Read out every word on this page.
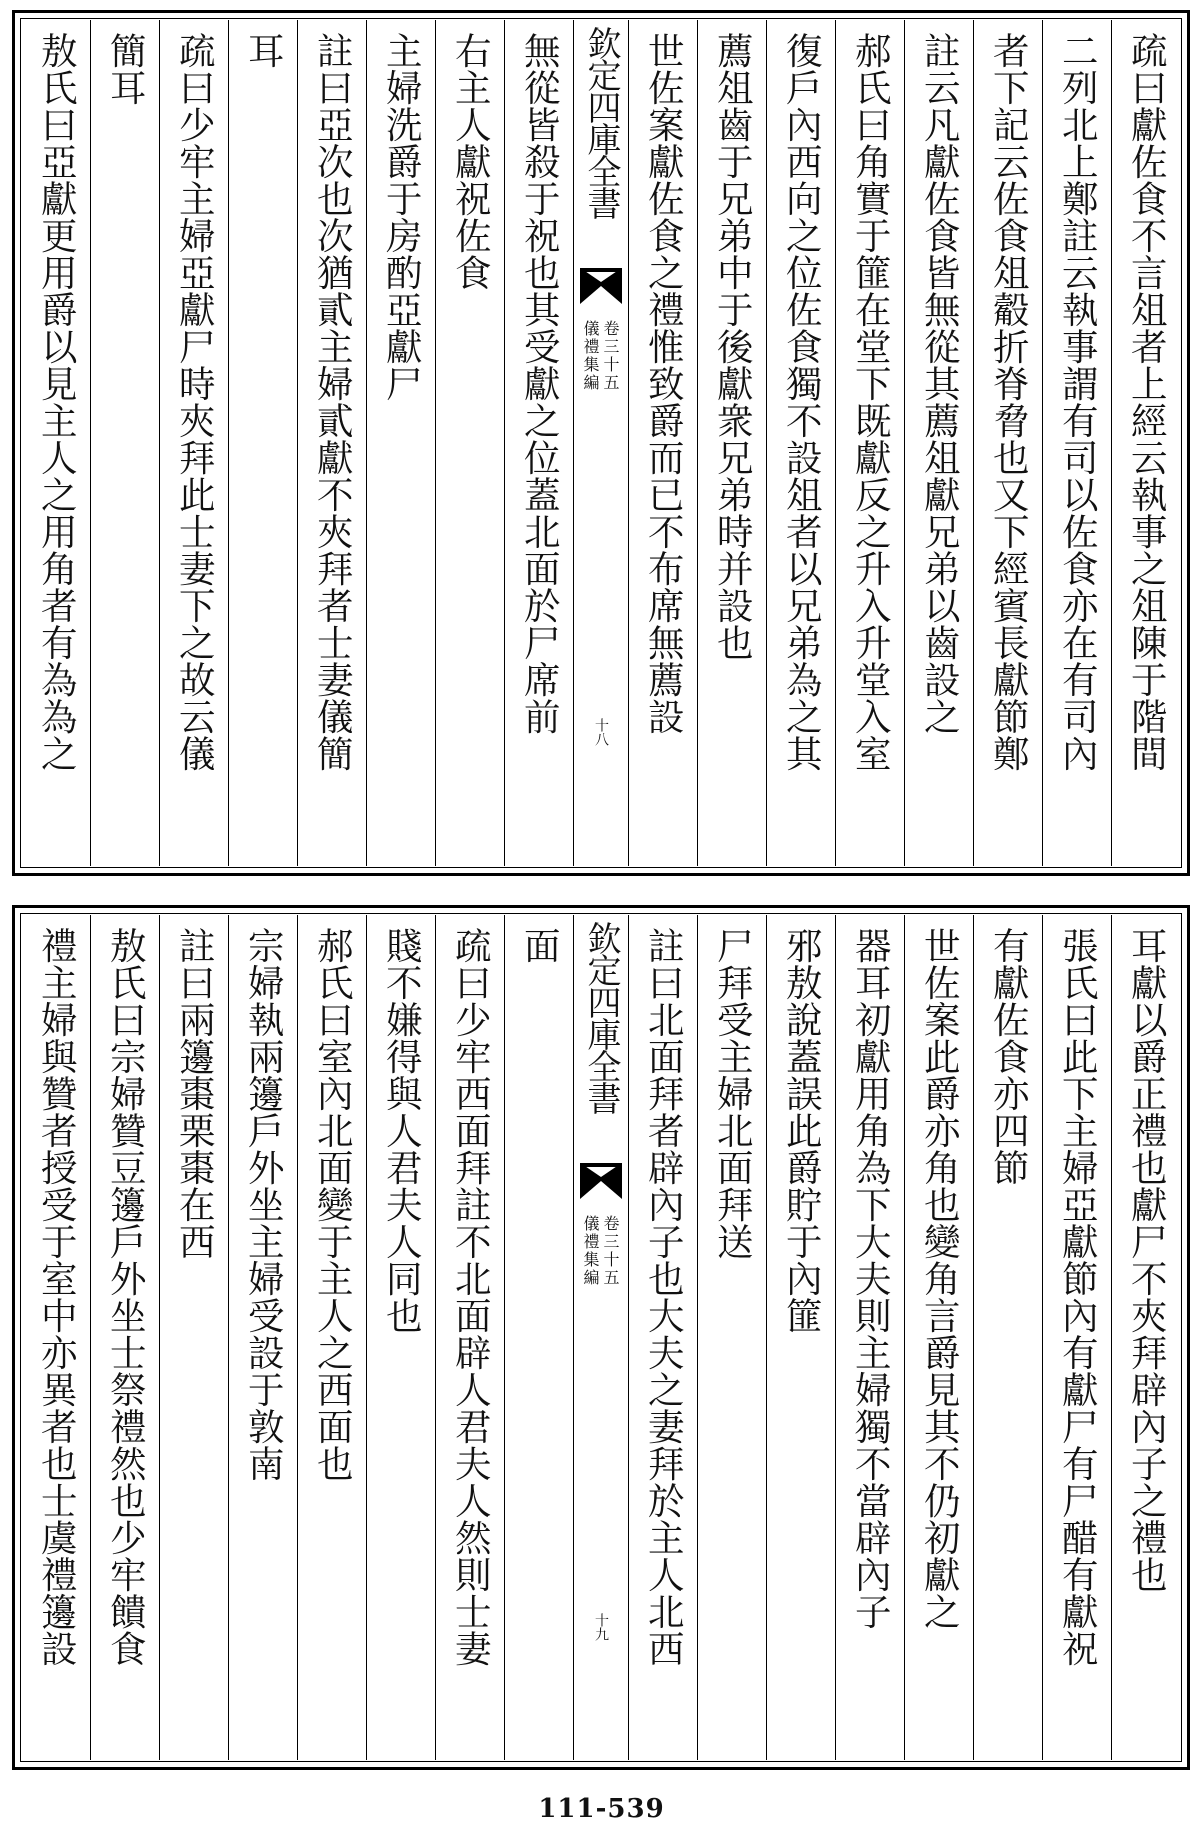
疏曰獻佐食不言俎者上經云執事之俎陳于階間
二列北上鄭註云執事謂有司以佐食亦在有司內
者下記云佐食俎觳折脊脅也又下經賓長獻節鄭
註云凡獻佐食皆無從其薦俎獻兄弟以齒設之
郝氏曰角實于篚在堂下既獻反之升入升堂入室
復戶內西向之位佐食獨不設俎者以兄弟為之其
薦俎齒于兄弟中于後獻衆兄弟時并設也
世佐案獻佐食之禮惟致爵而已不布席無薦設
欽定四庫全書
儀禮集編 卷三十五
十八
無從皆殺于祝也其受獻之位蓋北面於尸席前
右主人獻祝佐食
主婦洗爵于房酌亞獻尸
註曰亞次也次猶貳主婦貳獻不夾拜者士妻儀簡
耳
疏曰少牢主婦亞獻尸時夾拜此士妻下之故云儀
簡耳
敖氏曰亞獻更用爵以見主人之用角者有為為之
耳獻以爵正禮也獻尸不夾拜辟內子之禮也
張氏曰此下主婦亞獻節內有獻尸有尸醋有獻祝
有獻佐食亦四節
世佐案此爵亦角也變角言爵見其不仍初獻之
器耳初獻用角為下大夫則主婦獨不當辟內子
邪敖說蓋誤此爵貯于內篚
尸拜受主婦北面拜送
註曰北面拜者辟內子也大夫之妻拜於主人北西
欽定四庫全書
儀禮集編 卷三十五
十九
面
疏曰少牢西面拜註不北面辟人君夫人然則士妻
賤不嫌得與人君夫人同也
郝氏曰室內北面變于主人之西面也
宗婦執兩籩戶外坐主婦受設于敦南
註曰兩籩棗栗棗在西
敖氏曰宗婦贊豆籩戶外坐士祭禮然也少牢饋食
禮主婦與贊者授受于室中亦異者也士虞禮籩設
111-539
